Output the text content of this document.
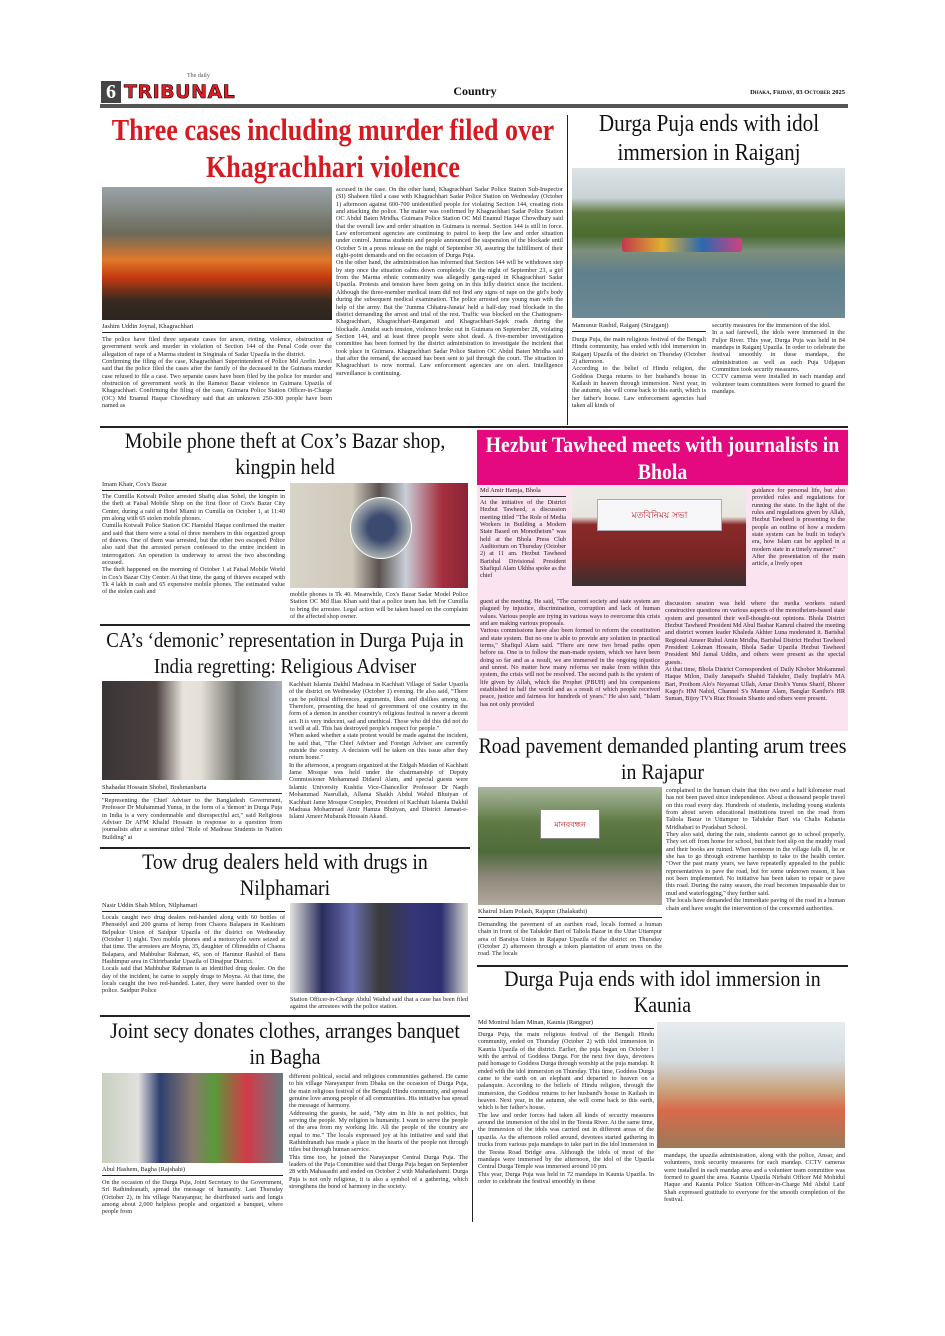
6
The daily
TRIBUNAL	Country	Dhaka, Friday, 03 October 2025
Three cases including murder filed over Khagrachhari violence
Jashim Uddin Joynal, Khagrachhari

The police have filed three separate cases for arson, rioting, violence, obstruction of government work and murder in violation of Section 144 of the Penal Code over the allegation of rape of a Marma student in Singinala of Sadar Upazila in the district.

Confirming the filing of the case, Khagrachhari Superintendent of Police Md Arefin Jewel said that the police filed the cases after the family of the deceased in the Guimara murder case refused to file a case. Two separate cases have been filed by the police for murder and obstruction of government work in the Ramesu Bazar violence in Guimara Upazila of Khagrachhari. Confirming the filing of the case, Guimara Police Station Officer-in-Charge (OC) Md Enamul Haque Chowdhury said that an unknown 250-300 people have been named as

accused in the case. On the other hand, Khagrachhari Sadar Police Station Sub-Inspector (SI) Shaheen filed a case with Khagrachhari Sadar Police Station on Wednesday (October 1) afternoon against 600-700 unidentified people for violating Section 144, creating riots and attacking the police. The matter was confirmed by Khagrachhari Sadar Police Station OC Abdul Baten Mridha. Guimara Police Station OC Md Enamul Haque Chowdhury said that the overall law and order situation in Guimara is normal. Section 144 is still in force. Law enforcement agencies are continuing to patrol to keep the law and order situation under control. Jumma students and people announced the suspension of the blockade until October 5 in a press release on the night of September 30, assuring the fulfillment of their eight-point demands and on the occasion of Durga Puja.

On the other hand, the administration has informed that Section 144 will be withdrawn step by step once the situation calms down completely. On the night of September 23, a girl from the Marma ethnic community was allegedly gang-raped in Khagrachhari Sadar Upazila. Protests and tension have been going on in this hilly district since the incident. Although the three-member medical team did not find any signs of rape on the girl's body during the subsequent medical examination. The police arrested one young man with the help of the army. But the 'Jumma Chhatra-Janata' held a half-day road blockade in the district demanding the arrest and trial of the rest. Traffic was blocked on the Chattogram-Khagrachhari, Khagrachhari-Rangamati and Khagrachhari-Sajek roads during the blockade. Amidst such tension, violence broke out in Guimara on September 28, violating Section 144, and at least three people were shot dead. A five-member investigation committee has been formed by the district administration to investigate the incident that took place in Guimara. Khagrachhari Sadar Police Station OC Abdul Baten Mridha said that after the remand, the accused has been sent to jail through the court. The situation in Khagrachhari is now normal. Law enforcement agencies are on alert. Intelligence surveillance is continuing.

Durga Puja ends with idol immersion in Raiganj
Mamunur Rashid, Raiganj (Sirajganj)

Durga Puja, the main religious festival of the Bengali Hindu community, has ended with idol immersion in Raiganj Upazila of the district on Thursday (October 2) afternoon.

According to the belief of Hindu religion, the Goddess Durga returns to her husband's house in Kailash in heaven through immersion. Next year, in the autumn, she will come back to this earth, which is her father's house. Law enforcement agencies had taken all kinds of

security measures for the immersion of the idol.

In a sad farewell, the idols were immersed in the Fuljor River. This year, Durga Puja was held in 84 mandaps in Raiganj Upazila. In order to celebrate the festival smoothly in these mandaps, the administration as well as each Puja Udjapan Committee took security measures.

CCTV cameras were installed in each mandap and volunteer team committees were formed to guard the mandaps.

Mobile phone theft at Cox’s Bazar shop, kingpin held
Imam Khair, Cox's Bazar

The Cumilla Kotwali Police arrested Shafiq alias Sohel, the kingpin in the theft at Faisal Mobile Shop on the first floor of Cox's Bazar City Center, during a raid at Hotel Miami in Cumilla on October 1, at 11:40 pm along with 65 stolen mobile phones.

Cumilla Kotwali Police Station OC Hamidul Haque confirmed the matter and said that there were a total of three members in this organized group of thieves. One of them was arrested, but the other two escaped. Police also said that the arrested person confessed to the entire incident in interrogation. An operation is underway to arrest the two absconding accused.

The theft happened on the morning of October 1 at Faisal Mobile World in Cox's Bazar City Center. At that time, the gang of thieves escaped with Tk 4 lakh in cash and 65 expensive mobile phones. The estimated value of the stolen cash and	mobile phones is Tk 40. Meanwhile, Cox's Bazar Sadar Model Police Station OC Md Ilias Khan said that a police team has left for Cumilla to bring the arrestee. Legal action will be taken based on the complaint of the affected shop owner.

Hezbut Tawheed meets with journalists in Bhola
Md Amir Hamja, Bhola

At the initiative of the District Hezbut Tawheed, a discussion meeting titled "The Role of Media Workers in Building a Modern State Based on Monotheism" was held at the Bhola Press Club Auditorium on Thursday (October 2) at 11 am. Hezbut Tawheed Barishal Divisional President Shafiqul Alam Ukhba spoke as the chief

মতবিনিময় সভা

guidance for personal life, but also provided rules and regulations for running the state. In the light of the rules and regulations given by Allah, Hezbut Tawheed is presenting to the people an outline of how a modern state system can be built in today's era, how Islam can be applied in a modern state in a timely manner."

After the presentation of the main article, a lively open

guest at the meeting. He said, "The current society and state system are plagued by injustice, discrimination, corruption and lack of human values. Various people are trying in various ways to overcome this crisis and are making various proposals.

Various commissions have also been formed to reform the constitution and state system. But no one is able to provide any solution in practical terms," Shafiqul Alam said. "There are now two broad paths open before us. One is to follow the man-made system, which we have been doing so far and as a result, we are immersed in the ongoing injustice and unrest. No matter how many reforms we make from within this system, the crisis will not be resolved. The second path is the system of life given by Allah, which the Prophet (PBUH) and his companions established in half the world and as a result of which people received peace, justice and fairness for hundreds of years." He also said, "Islam has not only provided

discussion session was held where the media workers raised constructive questions on various aspects of the monotheism-based state system and presented their well-thought-out opinions. Bhola District Hezbut Tawheed President Md Abul Bashar Kamrul chaired the meeting and district women leader Khaleda Akhter Luna moderated it. Barishal Regional Ameer Ruhul Amin Mridha, Barishal District Hezbut Tawheed President Lokman Hossain, Bhola Sadar Upazila Hezbut Tawheed President Md Jamal Uddin, and others were present as the special guests.

At that time, Bhola District Correspondent of Daily Khobor Mokammel Haque Milon, Daily Janapad's Shahid Talukder, Daily Inqilab's MA Bari, Prothom Alo's Neyamat Ullah, Amar Desh's Yunus Sharif, Bhorer Kagoj's HM Nahid, Channel S's Mansur Alam, Banglar Kantho's HR Suman, Bijoy TV's Riaz Hossain Shanto and others were present.

CA’s ‘demonic’ representation in Durga Puja in India regretting: Religious Adviser
Shahadat Hossain Shobel, Brahmanbaria

"Representing the Chief Adviser to the Bangladesh Government, Professor Dr Muhammad Yunus, in the form of a 'demon' in Durga Puja in India is a very condemnable and disrespectful act," said Religious Adviser Dr AFM Khalid Hossain in response to a question from journalists after a seminar titled "Role of Madrasa Students in Nation Building" at

Kachhait Islamia Dakhil Madrasa in Kachhait Village of Sadar Upazila of the district on Wednesday (October 1) evening. He also said, "There can be political differences, arguments, likes and dislikes among us. Therefore, presenting the head of government of one country in the form of a demon in another country's religious festival is never a decent act. It is very indecent, sad and unethical. Those who did this did not do it well at all. This has destroyed people's respect for people."

When asked whether a state protest would be made against the incident, he said that, "The Chief Adviser and Foreign Adviser are currently outside the country. A decision will be taken on this issue after they return home."

In the afternoon, a program organized at the Eidgah Maidan of Kachhait Jame Mosque was held under the chairmanship of Deputy Commissioner Mohammad Didarul Alam, and special guests were Islamic University Kushtia Vice-Chancellor Professor Dr Naqib Mohammad Nasrullah, Allama Shaikh Abdul Wahid Bhuiyan of Kachhait Jame Mosque Complex, President of Kachhait Islamia Dakhil Madrasa Mohammad Amir Hamza Bhuiyan, and District Jamaat-e-Islami Ameer Mubarak Hossain Akand.

Road pavement demanded planting arum trees in Rajapur
মানববন্ধন
Khairul Islam Polash, Rajapur (Jhalakathi)

Demanding the pavement of an earthen road, locals formed a human chain in front of the Talukder Bari of Taltola Bazar in the Uttar Uttampur area of Baraiya Union in Rajapur Upazila of the district on Thursday (October 2) afternoon through a token plantation of arum trees on the road. The locals

complained in the human chain that this two and a half kilometer road has not been paved since independence. About a thousand people travel on this road every day. Hundreds of students, including young students from about seven educational institutions travel on the road from Taltola Bazar in Uttampur to Talukdar Bari via Chalis Kahania Mridhabari to Pyadabari School.

They also said, during the rain, students cannot go to school properly. They set off from home for school, but their feet slip on the muddy road and their books are ruined. When someone in the village falls ill, he or she has to go through extreme hardship to take to the health center. "Over the past many years, we have repeatedly appealed to the public representatives to pave the road, but for some unknown reason, it has not been implemented. No initiative has been taken to repair or pave this road. During the rainy season, the road becomes impassable due to mud and waterlogging," they further said.

The locals have demanded the immediate paving of the road in a human chain and have sought the intervention of the concerned authorities.

Durga Puja ends with idol immersion in Kaunia
Md Monirul Islam Minan, Kaunia (Rangpur)

Durga Puja, the main religious festival of the Bengali Hindu community, ended on Thursday (October 2) with idol immersion in Kaunia Upazila of the district. Earlier, the puja began on October 1 with the arrival of Goddess Durga. For the next five days, devotees paid homage to Goddess Durga through worship at the puja mandap. It ended with the idol immersion on Thursday. This time, Goddess Durga came to the earth on an elephant and departed to heaven on a palanquin. According to the beliefs of Hindu religion, through the immersion, the Goddess returns to her husband's house in Kailash in heaven. Next year, in the autumn, she will come back to this earth, which is her father's house.

The law and order forces had taken all kinds of security measures around the immersion of the idol in the Teesta River. At the same time, the immersion of the idols was carried out in different areas of the upazila. As the afternoon rolled around, devotees started gathering in trucks from various puja mandaps to take part in the idol immersion in the Teesta Road Bridge area. Although the idols of most of the mandaps were immersed by the afternoon, the idol of the Upazila Central Durga Temple was immersed around 10 pm.

This year, Durga Puja was held in 72 mandaps in Kaunia Upazila. In order to celebrate the festival smoothly in these

mandaps, the upazila administration, along with the police, Ansar, and volunteers, took security measures for each mandap. CCTV cameras were installed in each mandap area and a volunteer team committee was formed to guard the area. Kaunia Upazila Nirbahi Officer Md Mohidul Haque and Kaunia Police Station Officer-in-Charge Md Abdul Latif Shah expressed gratitude to everyone for the smooth completion of the festival.

Tow drug dealers held with drugs in Nilphamari
Nasir Uddin Shah Milon, Nilphamari

Locals caught two drug dealers red-handed along with 60 bottles of Phensedyl and 200 grams of hemp from Chaora Balapara in Kashiram Belpukur Union of Saidpur Upazila of the district on Wednesday (October 1) night. Two mobile phones and a motorcycle were seized at that time. The arrestees are Moyna, 35, daughter of Olimuddin of Chaora Balapara, and Mahbubar Rahman, 45, son of Harunur Rashid of Bara Hashimpur area in Chirirbandar Upazila of Dinajpur District.

Locals said that Mahbubar Rahman is an identified drug dealer. On the day of the incident, he came to supply drugs to Moyna. At that time, the locals caught the two red-handed. Later, they were handed over to the police. Saidpur Police

Station Officer-in-Charge Abdul Wadud said that a case has been filed against the arrestees with the police station.

Joint secy donates clothes, arranges banquet in Bagha
Abul Hashem, Bagha (Rajshahi)

On the occasion of the Durga Puja, Joint Secretary to the Government, Sri Rathindranath, spread the message of humanity. Last Thursday (October 2), in his village Narayanpur, he distributed saris and lungis among about 2,000 helpless people and organized a banquet, where people from

different political, social and religious communities gathered. He came to his village Narayanpur from Dhaka on the occasion of Durga Puja, the main religious festival of the Bengali Hindu community, and spread genuine love among people of all communities. His initiative has spread the message of harmony.

Addressing the guests, he said, "My aim in life is not politics, but serving the people. My religion is humanity. I want to serve the people of the area from my working life. All the people of the country are equal to me." The locals expressed joy at his initiative and said that Rathindranath has made a place in the hearts of the people not through titles but through human service.

This time too, he joined the Narayanpur Central Durga Puja. The leaders of the Puja Committee said that Durga Puja began on September 28 with Mahasasthi and ended on October 2 with Mahadashami. Durga Puja is not only religious, it is also a symbol of a gathering, which strengthens the bond of harmony in the society.
